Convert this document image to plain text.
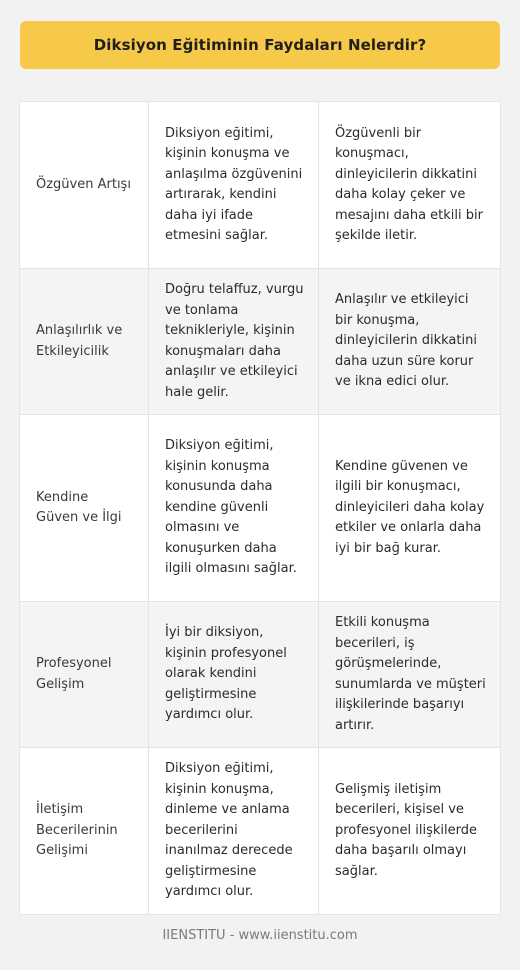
Diksiyon Eğitiminin Faydaları Nelerdir?
Özgüven Artışı
Diksiyon eğitimi, kişinin konuşma ve anlaşılma özgüvenini artırarak, kendini daha iyi ifade etmesini sağlar.
Özgüvenli bir konuşmacı, dinleyicilerin dikkatini daha kolay çeker ve mesajını daha etkili bir şekilde iletir.
Anlaşılırlık ve Etkileyicilik
Doğru telaffuz, vurgu ve tonlama teknikleriyle, kişinin konuşmaları daha anlaşılır ve etkileyici hale gelir.
Anlaşılır ve etkileyici bir konuşma, dinleyicilerin dikkatini daha uzun süre korur ve ikna edici olur.
Kendine Güven ve İlgi
Diksiyon eğitimi, kişinin konuşma konusunda daha kendine güvenli olmasını ve konuşurken daha ilgili olmasını sağlar.
Kendine güvenen ve ilgili bir konuşmacı, dinleyicileri daha kolay etkiler ve onlarla daha iyi bir bağ kurar.
Profesyonel Gelişim
İyi bir diksiyon, kişinin profesyonel olarak kendini geliştirmesine yardımcı olur.
Etkili konuşma becerileri, iş görüşmelerinde, sunumlarda ve müşteri ilişkilerinde başarıyı artırır.
İletişim Becerilerinin Gelişimi
Diksiyon eğitimi, kişinin konuşma, dinleme ve anlama becerilerini inanılmaz derecede geliştirmesine yardımcı olur.
Gelişmiş iletişim becerileri, kişisel ve profesyonel ilişkilerde daha başarılı olmayı sağlar.
IIENSTITU - www.iienstitu.com
